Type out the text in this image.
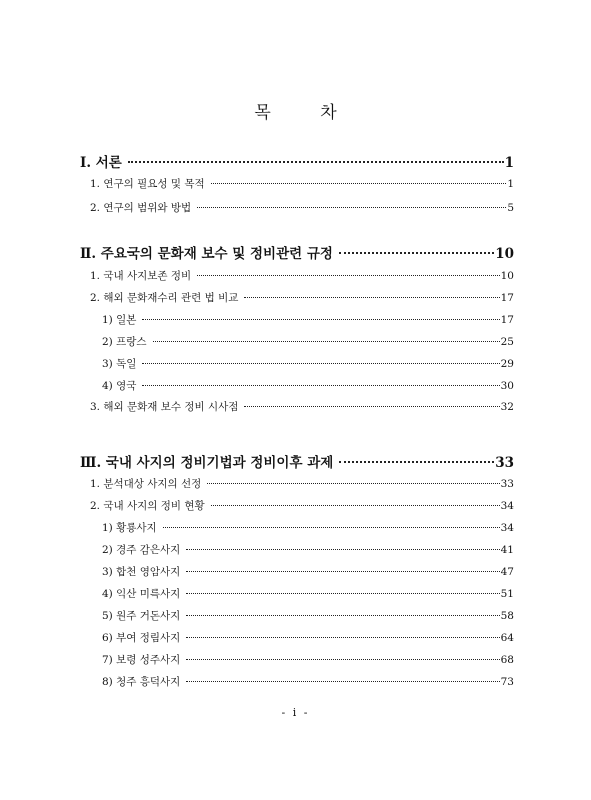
목 차
Ⅰ. 서론	1
1. 연구의 필요성 및 목적	1
2. 연구의 범위와 방법	5
Ⅱ. 주요국의 문화재 보수 및 정비관련 규정	10
1. 국내 사지보존 정비	10
2. 해외 문화재수리 관련 법 비교	17
1) 일본	17
2) 프랑스	25
3) 독일	29
4) 영국	30
3. 해외 문화재 보수 정비 시사점	32
Ⅲ. 국내 사지의 정비기법과 정비이후 과제	33
1. 분석대상 사지의 선정	33
2. 국내 사지의 정비 현황	34
1) 황룡사지	34
2) 경주 감은사지	41
3) 합천 영암사지	47
4) 익산 미륵사지	51
5) 원주 거돈사지	58
6) 부여 정림사지	64
7) 보령 성주사지	68
8) 청주 흥덕사지	73
- i -
